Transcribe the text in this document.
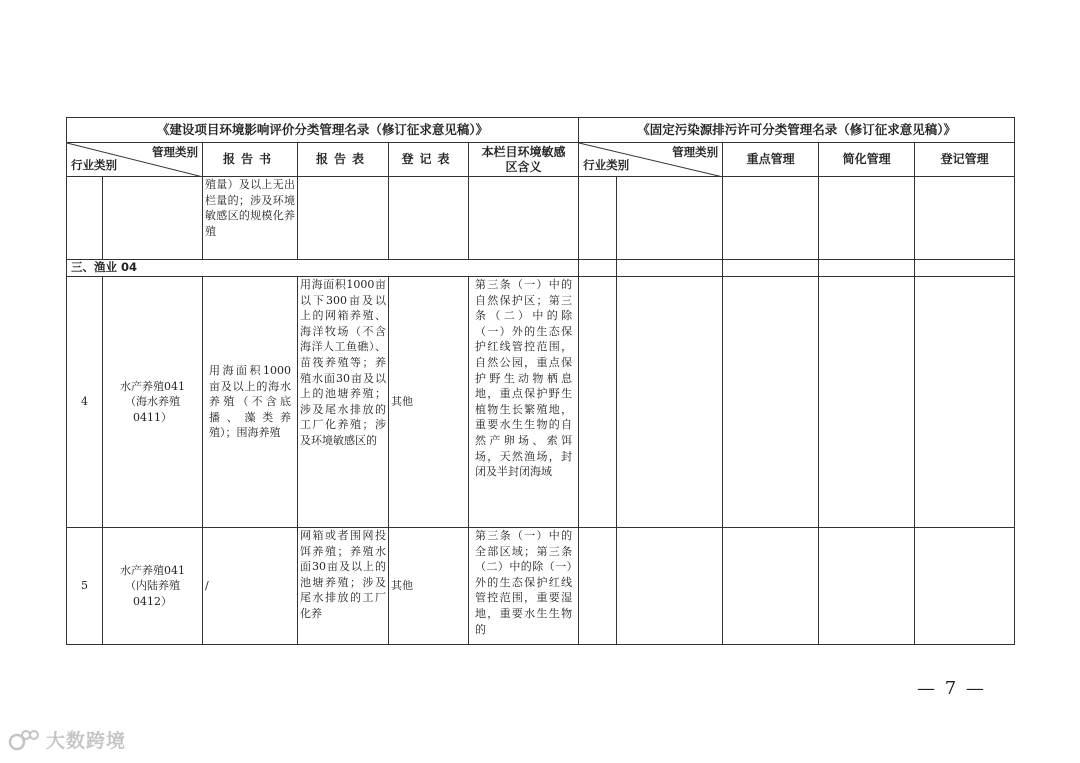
《建设项目环境影响评价分类管理名录（修订征求意见稿）》						《固定污染源排污许可分类管理名录（修订征求意见稿）》				

管理类别
行业类别		报告书	报告表	登记表	本栏目环境敏感区含义	管理类别
行业类别		重点管理	简化管理	登记管理
		殖量）及以上无出栏量的；涉及环境敏感区的规模化养殖								
三、渔业 04										
4	水产养殖041（海水养殖0411）	用海面积1000亩及以上的海水养殖（不含底播、藻类养殖）；围海养殖	用海面积1000亩以下300亩及以上的网箱养殖、海洋牧场（不含海洋人工鱼礁）、苗筏养殖等；养殖水面30亩及以上的池塘养殖；涉及尾水排放的工厂化养殖；涉及环境敏感区的	其他	第三条（一）中的自然保护区；第三条（二）中的除（一）外的生态保护红线管控范围，自然公园，重点保护野生动物栖息地，重点保护野生植物生长繁殖地，重要水生生物的自然产卵场、索饵场，天然渔场，封闭及半封闭海域					
5	水产养殖041（内陆养殖0412）	/	网箱或者围网投饵养殖；养殖水面30亩及以上的池塘养殖；涉及尾水排放的工厂化养	其他	第三条（一）中的全部区域；第三条（二）中的除（一）外的生态保护红线管控范围，重要湿地，重要水生生物的					
— 7 —
大数跨境
